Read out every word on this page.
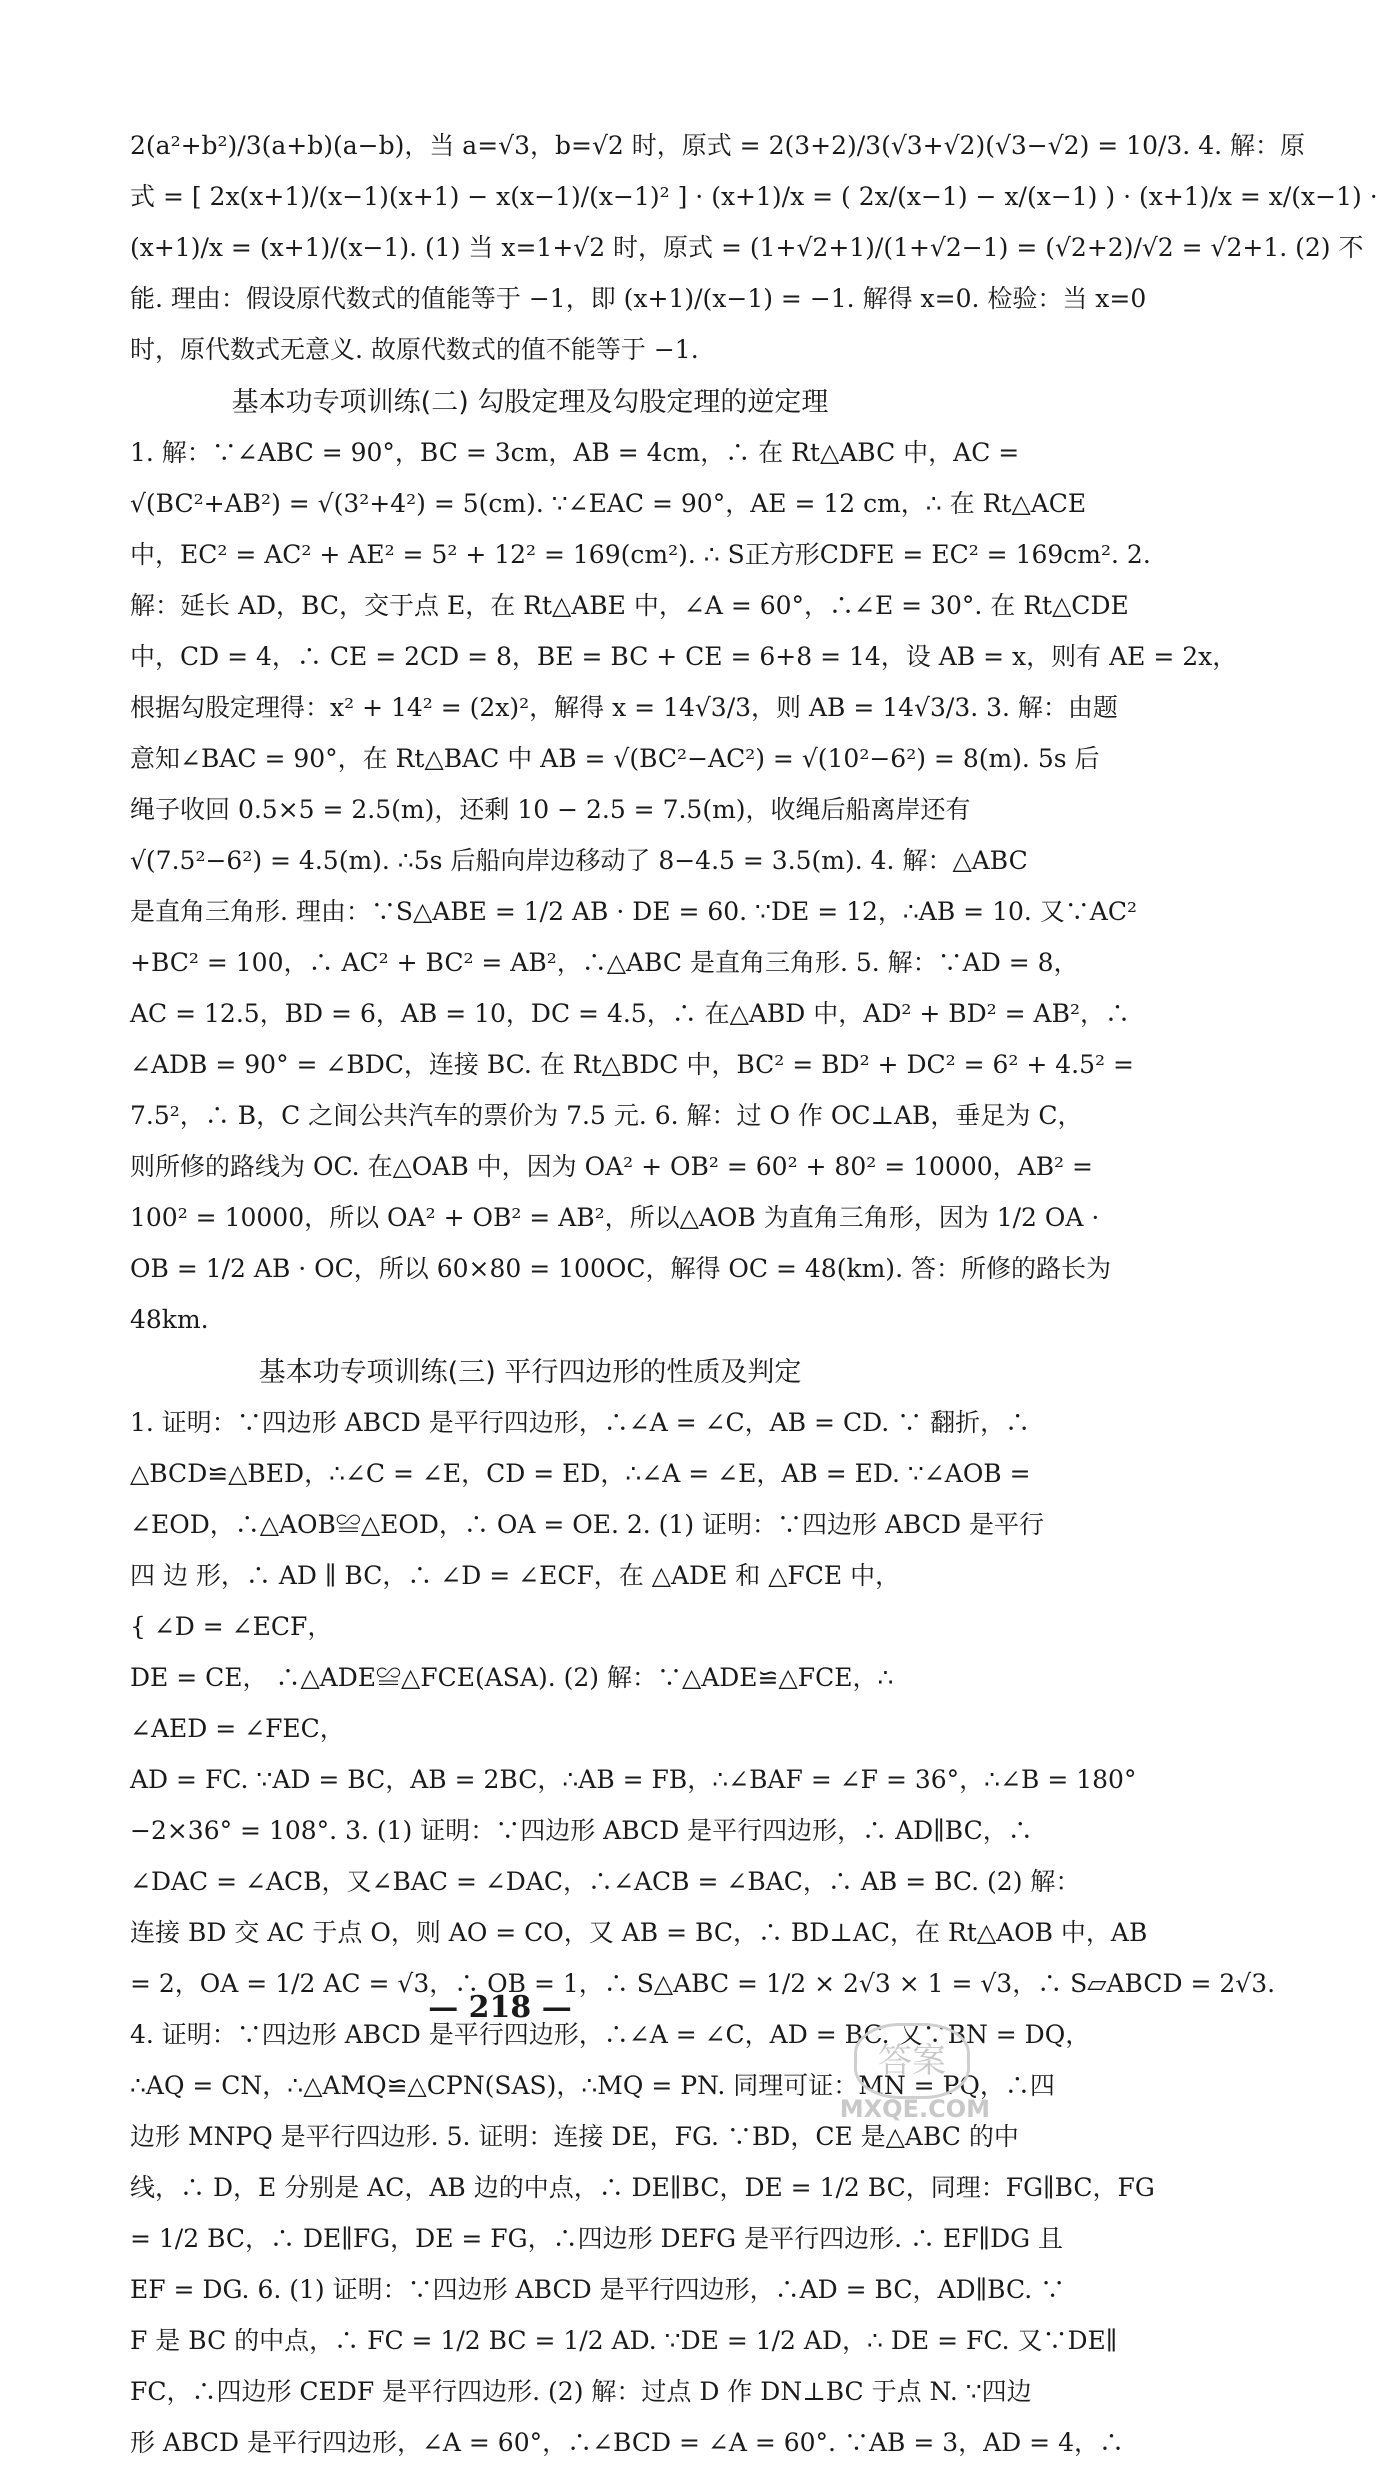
2(a²+b²)/3(a+b)(a−b)，当 a=√3，b=√2 时，原式 = 2(3+2)/3(√3+√2)(√3−√2) = 10/3. 4. 解：原
式 = [ 2x(x+1)/(x−1)(x+1) − x(x−1)/(x−1)² ] · (x+1)/x = ( 2x/(x−1) − x/(x−1) ) · (x+1)/x = x/(x−1) ·
(x+1)/x = (x+1)/(x−1). (1) 当 x=1+√2 时，原式 = (1+√2+1)/(1+√2−1) = (√2+2)/√2 = √2+1. (2) 不
能. 理由：假设原代数式的值能等于 −1，即 (x+1)/(x−1) = −1. 解得 x=0. 检验：当 x=0
时，原代数式无意义. 故原代数式的值不能等于 −1.
基本功专项训练(二) 勾股定理及勾股定理的逆定理
1. 解：∵∠ABC = 90°，BC = 3cm，AB = 4cm，∴ 在 Rt△ABC 中，AC =
√(BC²+AB²) = √(3²+4²) = 5(cm). ∵∠EAC = 90°，AE = 12 cm，∴ 在 Rt△ACE
中，EC² = AC² + AE² = 5² + 12² = 169(cm²). ∴ S正方形CDFE = EC² = 169cm². 2.
解：延长 AD，BC，交于点 E，在 Rt△ABE 中，∠A = 60°，∴∠E = 30°. 在 Rt△CDE
中，CD = 4，∴ CE = 2CD = 8，BE = BC + CE = 6+8 = 14，设 AB = x，则有 AE = 2x，
根据勾股定理得：x² + 14² = (2x)²，解得 x = 14√3/3，则 AB = 14√3/3. 3. 解：由题
意知∠BAC = 90°，在 Rt△BAC 中 AB = √(BC²−AC²) = √(10²−6²) = 8(m). 5s 后
绳子收回 0.5×5 = 2.5(m)，还剩 10 − 2.5 = 7.5(m)，收绳后船离岸还有
√(7.5²−6²) = 4.5(m). ∴5s 后船向岸边移动了 8−4.5 = 3.5(m). 4. 解：△ABC
是直角三角形. 理由：∵S△ABE = 1/2 AB · DE = 60. ∵DE = 12，∴AB = 10. 又∵AC²
+BC² = 100，∴ AC² + BC² = AB²，∴△ABC 是直角三角形. 5. 解：∵AD = 8，
AC = 12.5，BD = 6，AB = 10，DC = 4.5，∴ 在△ABD 中，AD² + BD² = AB²，∴
∠ADB = 90° = ∠BDC，连接 BC. 在 Rt△BDC 中，BC² = BD² + DC² = 6² + 4.5² =
7.5²，∴ B，C 之间公共汽车的票价为 7.5 元. 6. 解：过 O 作 OC⊥AB，垂足为 C，
则所修的路线为 OC. 在△OAB 中，因为 OA² + OB² = 60² + 80² = 10000，AB² =
100² = 10000，所以 OA² + OB² = AB²，所以△AOB 为直角三角形，因为 1/2 OA ·
OB = 1/2 AB · OC，所以 60×80 = 100OC，解得 OC = 48(km). 答：所修的路长为
48km.
基本功专项训练(三) 平行四边形的性质及判定
1. 证明：∵四边形 ABCD 是平行四边形，∴∠A = ∠C，AB = CD. ∵ 翻折，∴
△BCD≌△BED，∴∠C = ∠E，CD = ED，∴∠A = ∠E，AB = ED. ∵∠AOB =
∠EOD，∴△AOB≌△EOD，∴ OA = OE. 2. (1) 证明：∵四边形 ABCD 是平行
四 边 形，∴ AD ∥ BC，∴ ∠D = ∠ECF，在 △ADE 和 △FCE 中，
{ ∠D = ∠ECF，
DE = CE， ∴△ADE≌△FCE(ASA). (2) 解：∵△ADE≌△FCE，∴
∠AED = ∠FEC，
AD = FC. ∵AD = BC，AB = 2BC，∴AB = FB，∴∠BAF = ∠F = 36°，∴∠B = 180°
−2×36° = 108°. 3. (1) 证明：∵四边形 ABCD 是平行四边形，∴ AD∥BC，∴
∠DAC = ∠ACB，又∠BAC = ∠DAC，∴∠ACB = ∠BAC，∴ AB = BC. (2) 解：
连接 BD 交 AC 于点 O，则 AO = CO，又 AB = BC，∴ BD⊥AC，在 Rt△AOB 中，AB
= 2，OA = 1/2 AC = √3，∴ OB = 1，∴ S△ABC = 1/2 × 2√3 × 1 = √3，∴ S▱ABCD = 2√3.
4. 证明：∵四边形 ABCD 是平行四边形，∴∠A = ∠C，AD = BC. 又∵BN = DQ，
∴AQ = CN，∴△AMQ≌△CPN(SAS)，∴MQ = PN. 同理可证：MN = PQ，∴四
边形 MNPQ 是平行四边形. 5. 证明：连接 DE，FG. ∵BD，CE 是△ABC 的中
线，∴ D，E 分别是 AC，AB 边的中点，∴ DE∥BC，DE = 1/2 BC，同理：FG∥BC，FG
= 1/2 BC，∴ DE∥FG，DE = FG，∴四边形 DEFG 是平行四边形. ∴ EF∥DG 且
EF = DG. 6. (1) 证明：∵四边形 ABCD 是平行四边形，∴AD = BC，AD∥BC. ∵
F 是 BC 的中点，∴ FC = 1/2 BC = 1/2 AD. ∵DE = 1/2 AD，∴ DE = FC. 又∵DE∥
FC，∴四边形 CEDF 是平行四边形. (2) 解：过点 D 作 DN⊥BC 于点 N. ∵四边
形 ABCD 是平行四边形，∠A = 60°，∴∠BCD = ∠A = 60°. ∵AB = 3，AD = 4，∴
— 218 —
答案
MXQE.COM
